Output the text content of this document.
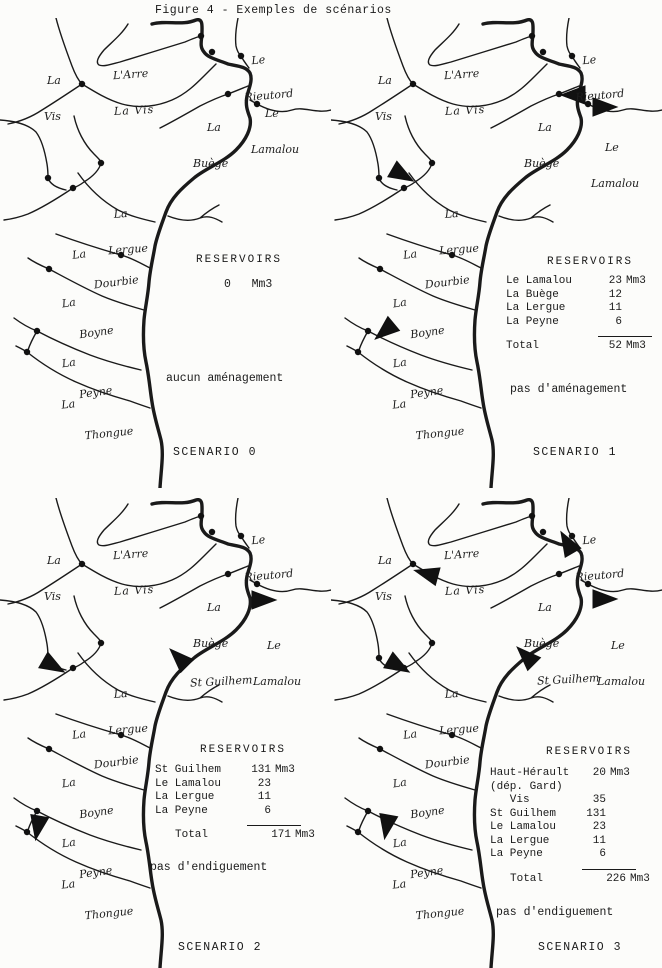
Figure 4 - Exemples de scénarios

La

Vis

L'Arre

Le

Rieutord

La Vis

La

Buège

Le

Lamalou

La

Lergue

La

Dourbie

La

Boyne

La

Peyne

La

Thongue

RESERVOIRS
0   Mm3
aucun aménagement
SCENARIO 0

La

Vis

L'Arre

Le

Rieutord

La Vis

La

Buège

Le

Lamalou

La

Lergue

La

Dourbie

La

Boyne

La

Peyne

La

Thongue

RESERVOIRS
Le Lamalou	23 Mm3
La Buège	12
La Lergue	11
La Peyne	6
Total	52 Mm3
pas d'aménagement
SCENARIO 1

La

Vis

L'Arre

Le

Rieutord

La Vis

La

Buège

	Le

Lamalou

La

Lergue

La

Dourbie

La

Boyne

La

Peyne

La

Thongue

St Guilhem

RESERVOIRS
St Guilhem	131 Mm3
Le Lamalou	23
La Lergue	11
La Peyne	6
Total	171 Mm3
pas d'endiguement
SCENARIO 2

La

Vis

L'Arre

Le

Rieutord

La Vis

La

Buège

	Le

Lamalou

La

Lergue

La

Dourbie

La

Boyne

La

Peyne

La

Thongue

St Guilhem

RESERVOIRS
Haut-Hérault	20 Mm3
(dép. Gard)
Vis	35
St Guilhem	131
Le Lamalou	23
La Lergue	11
La Peyne	6
Total	226 Mm3
pas d'endiguement
SCENARIO 3
